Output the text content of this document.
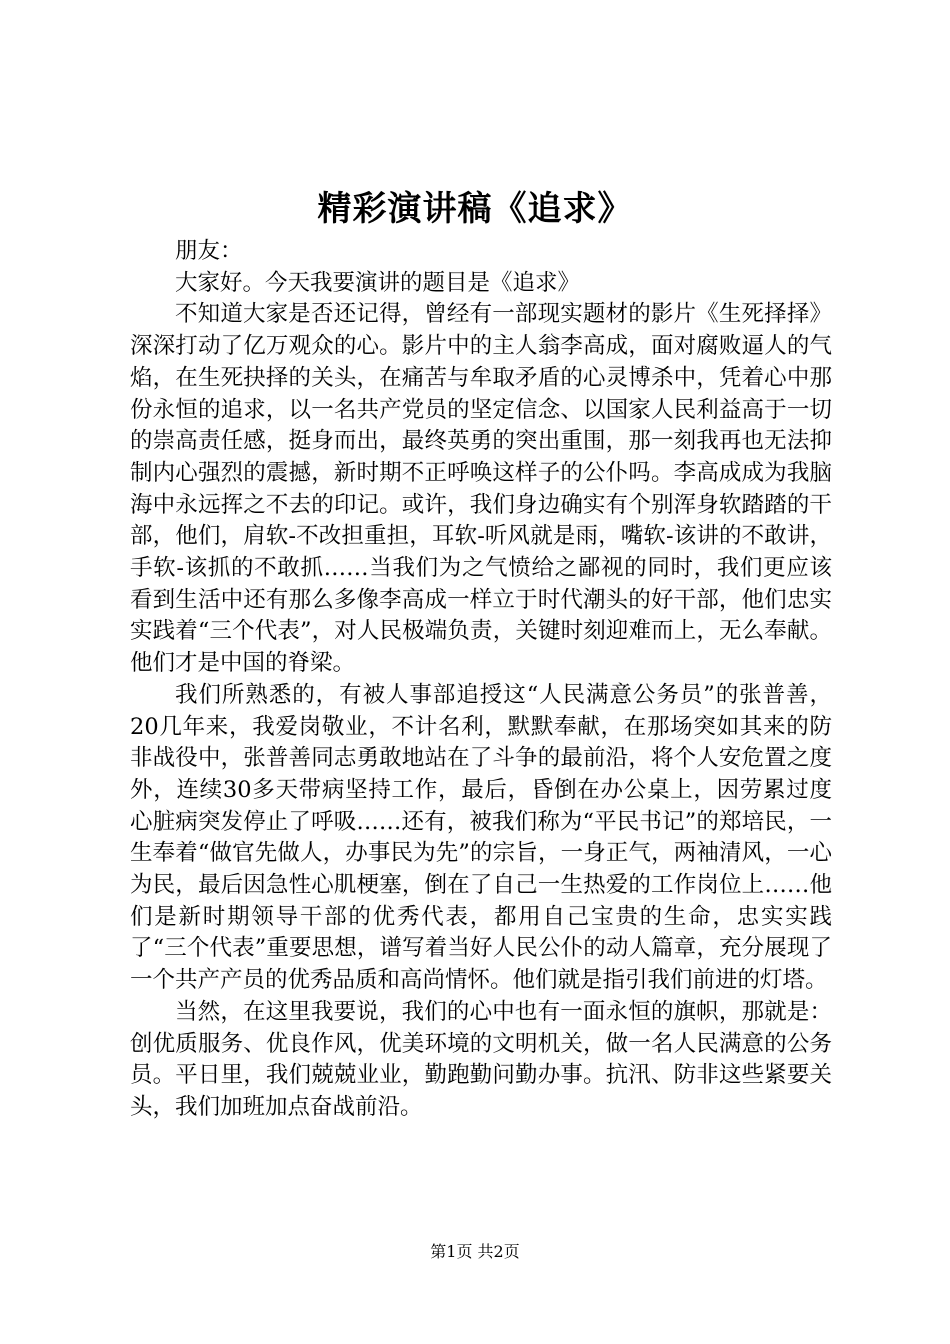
精彩演讲稿《追求》

朋友：

大家好。今天我要演讲的题目是《追求》

不知道大家是否还记得，曾经有一部现实题材的影片《生死择择》深深打动了亿万观众的心。影片中的主人翁李高成，面对腐败逼人的气焰，在生死抉择的关头，在痛苦与牟取矛盾的心灵博杀中，凭着心中那份永恒的追求，以一名共产党员的坚定信念、以国家人民利益高于一切的崇高责任感，挺身而出，最终英勇的突出重围，那一刻我再也无法抑制内心强烈的震撼，新时期不正呼唤这样子的公仆吗。李高成成为我脑海中永远挥之不去的印记。或许，我们身边确实有个别浑身软踏踏的干部，他们，肩软-不改担重担，耳软-听风就是雨，嘴软-该讲的不敢讲，手软-该抓的不敢抓……当我们为之气愤给之鄙视的同时，我们更应该看到生活中还有那么多像李高成一样立于时代潮头的好干部，他们忠实实践着“三个代表”，对人民极端负责，关键时刻迎难而上，无么奉献。他们才是中国的脊梁。

我们所熟悉的，有被人事部追授这“人民满意公务员”的张普善，20几年来，我爱岗敬业，不计名利，默默奉献，在那场突如其来的防非战役中，张普善同志勇敢地站在了斗争的最前沿，将个人安危置之度外，连续30多天带病坚持工作，最后，昏倒在办公桌上，因劳累过度心脏病突发停止了呼吸……还有，被我们称为“平民书记”的郑培民，一生奉着“做官先做人，办事民为先”的宗旨，一身正气，两袖清风，一心为民，最后因急性心肌梗塞，倒在了自己一生热爱的工作岗位上……他们是新时期领导干部的优秀代表，都用自己宝贵的生命，忠实实践了“三个代表”重要思想，谱写着当好人民公仆的动人篇章，充分展现了一个共产产员的优秀品质和高尚情怀。他们就是指引我们前进的灯塔。

当然，在这里我要说，我们的心中也有一面永恒的旗帜，那就是：创优质服务、优良作风，优美环境的文明机关，做一名人民满意的公务员。平日里，我们兢兢业业，勤跑勤问勤办事。抗汛、防非这些紧要关头，我们加班加点奋战前沿。

第1页 共2页
